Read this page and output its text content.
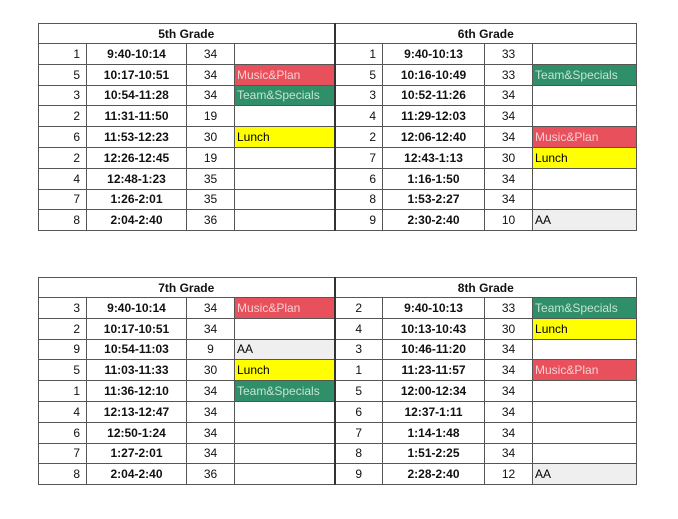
5th Grade				6th Grade			
1	9:40-10:14	34		1	9:40-10:13	33	
5	10:17-10:51	34	Music&Plan	5	10:16-10:49	33	Team&Specials
3	10:54-11:28	34	Team&Specials	3	10:52-11:26	34	
2	11:31-11:50	19		4	11:29-12:03	34	
6	11:53-12:23	30	Lunch	2	12:06-12:40	34	Music&Plan
2	12:26-12:45	19		7	12:43-1:13	30	Lunch
4	12:48-1:23	35		6	1:16-1:50	34	
7	1:26-2:01	35		8	1:53-2:27	34	
8	2:04-2:40	36		9	2:30-2:40	10	AA
7th Grade				8th Grade			
3	9:40-10:14	34	Music&Plan	2	9:40-10:13	33	Team&Specials
2	10:17-10:51	34		4	10:13-10:43	30	Lunch
9	10:54-11:03	9	AA	3	10:46-11:20	34	
5	11:03-11:33	30	Lunch	1	11:23-11:57	34	Music&Plan
1	11:36-12:10	34	Team&Specials	5	12:00-12:34	34	
4	12:13-12:47	34		6	12:37-1:11	34	
6	12:50-1:24	34		7	1:14-1:48	34	
7	1:27-2:01	34		8	1:51-2:25	34	
8	2:04-2:40	36		9	2:28-2:40	12	AA
